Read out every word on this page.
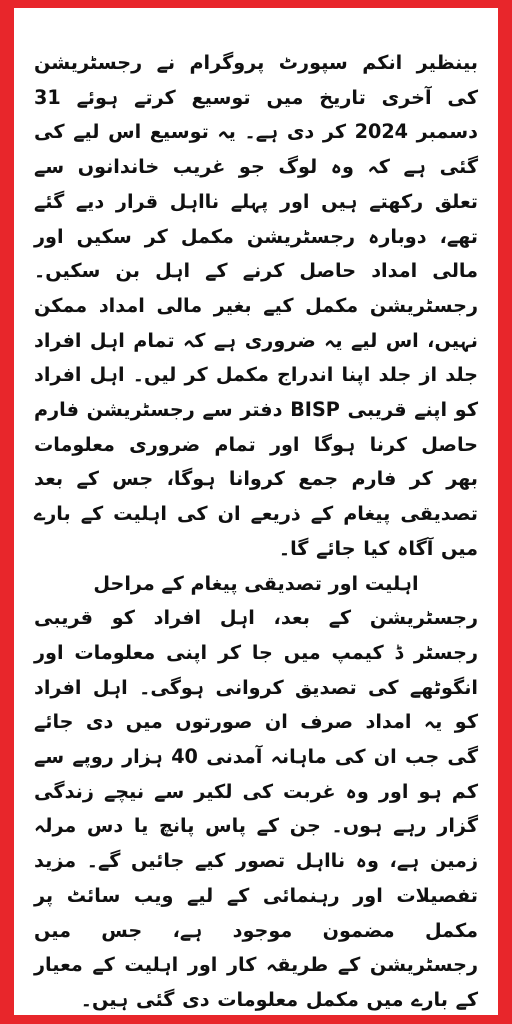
بینظیر انکم سپورٹ پروگرام نے رجسٹریشن کی آخری تاریخ میں توسیع کرتے ہوئے 31 دسمبر 2024 کر دی ہے۔ یہ توسیع اس لیے کی گئی ہے کہ وہ لوگ جو غریب خاندانوں سے تعلق رکھتے ہیں اور پہلے نااہل قرار دیے گئے تھے، دوبارہ رجسٹریشن مکمل کر سکیں اور مالی امداد حاصل کرنے کے اہل بن سکیں۔ رجسٹریشن مکمل کیے بغیر مالی امداد ممکن نہیں، اس لیے یہ ضروری ہے کہ تمام اہل افراد جلد از جلد اپنا اندراج مکمل کر لیں۔ اہل افراد کو اپنے قریبی BISP دفتر سے رجسٹریشن فارم حاصل کرنا ہوگا اور تمام ضروری معلومات بھر کر فارم جمع کروانا ہوگا، جس کے بعد تصدیقی پیغام کے ذریعے ان کی اہلیت کے بارے میں آگاہ کیا جائے گا۔

اہلیت اور تصدیقی پیغام کے مراحل

رجسٹریشن کے بعد، اہل افراد کو قریبی رجسٹر ڈ کیمپ میں جا کر اپنی معلومات اور انگوٹھے کی تصدیق کروانی ہوگی۔ اہل افراد کو یہ امداد صرف ان صورتوں میں دی جائے گی جب ان کی ماہانہ آمدنی 40 ہزار روپے سے کم ہو اور وہ غربت کی لکیر سے نیچے زندگی گزار رہے ہوں۔ جن کے پاس پانچ یا دس مرلہ زمین ہے، وہ نااہل تصور کیے جائیں گے۔ مزید تفصیلات اور رہنمائی کے لیے ویب سائٹ پر مکمل مضمون موجود ہے، جس میں رجسٹریشن کے طریقہ کار اور اہلیت کے معیار کے بارے میں مکمل معلومات دی گئی ہیں۔
